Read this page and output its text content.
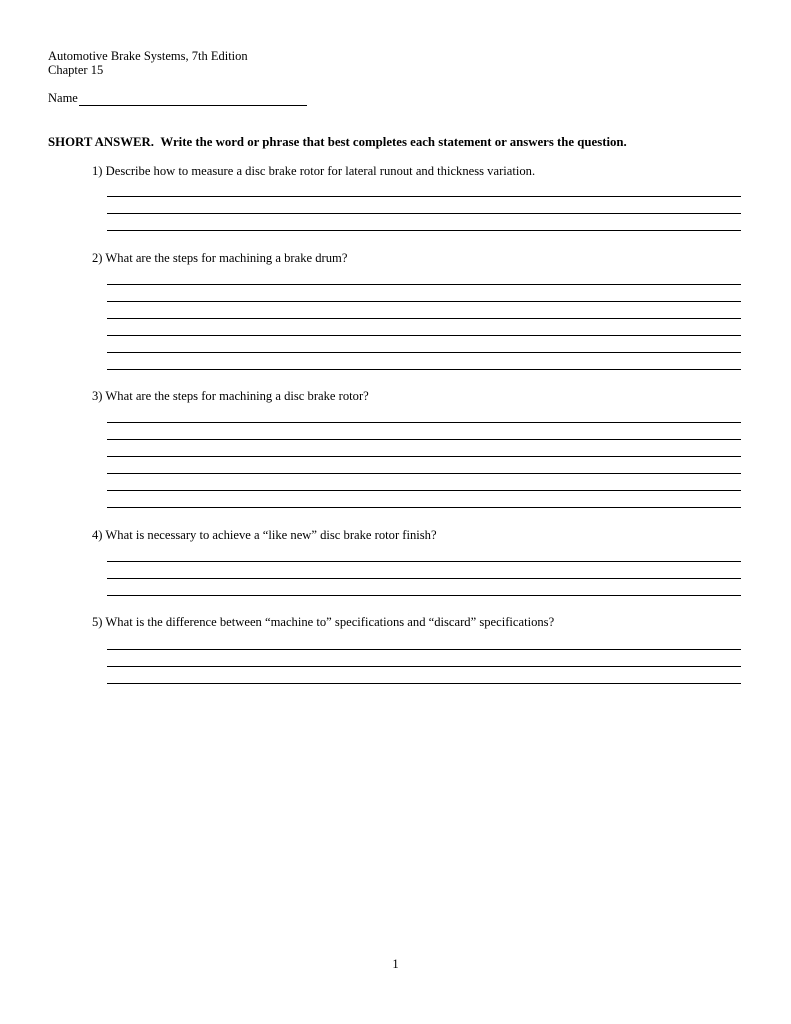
Automotive Brake Systems, 7th Edition
Chapter 15
Name
SHORT ANSWER. Write the word or phrase that best completes each statement or answers the question.
1) Describe how to measure a disc brake rotor for lateral runout and thickness variation.
2) What are the steps for machining a brake drum?
3) What are the steps for machining a disc brake rotor?
4) What is necessary to achieve a “like new” disc brake rotor finish?
5) What is the difference between “machine to” specifications and “discard” specifications?
1
